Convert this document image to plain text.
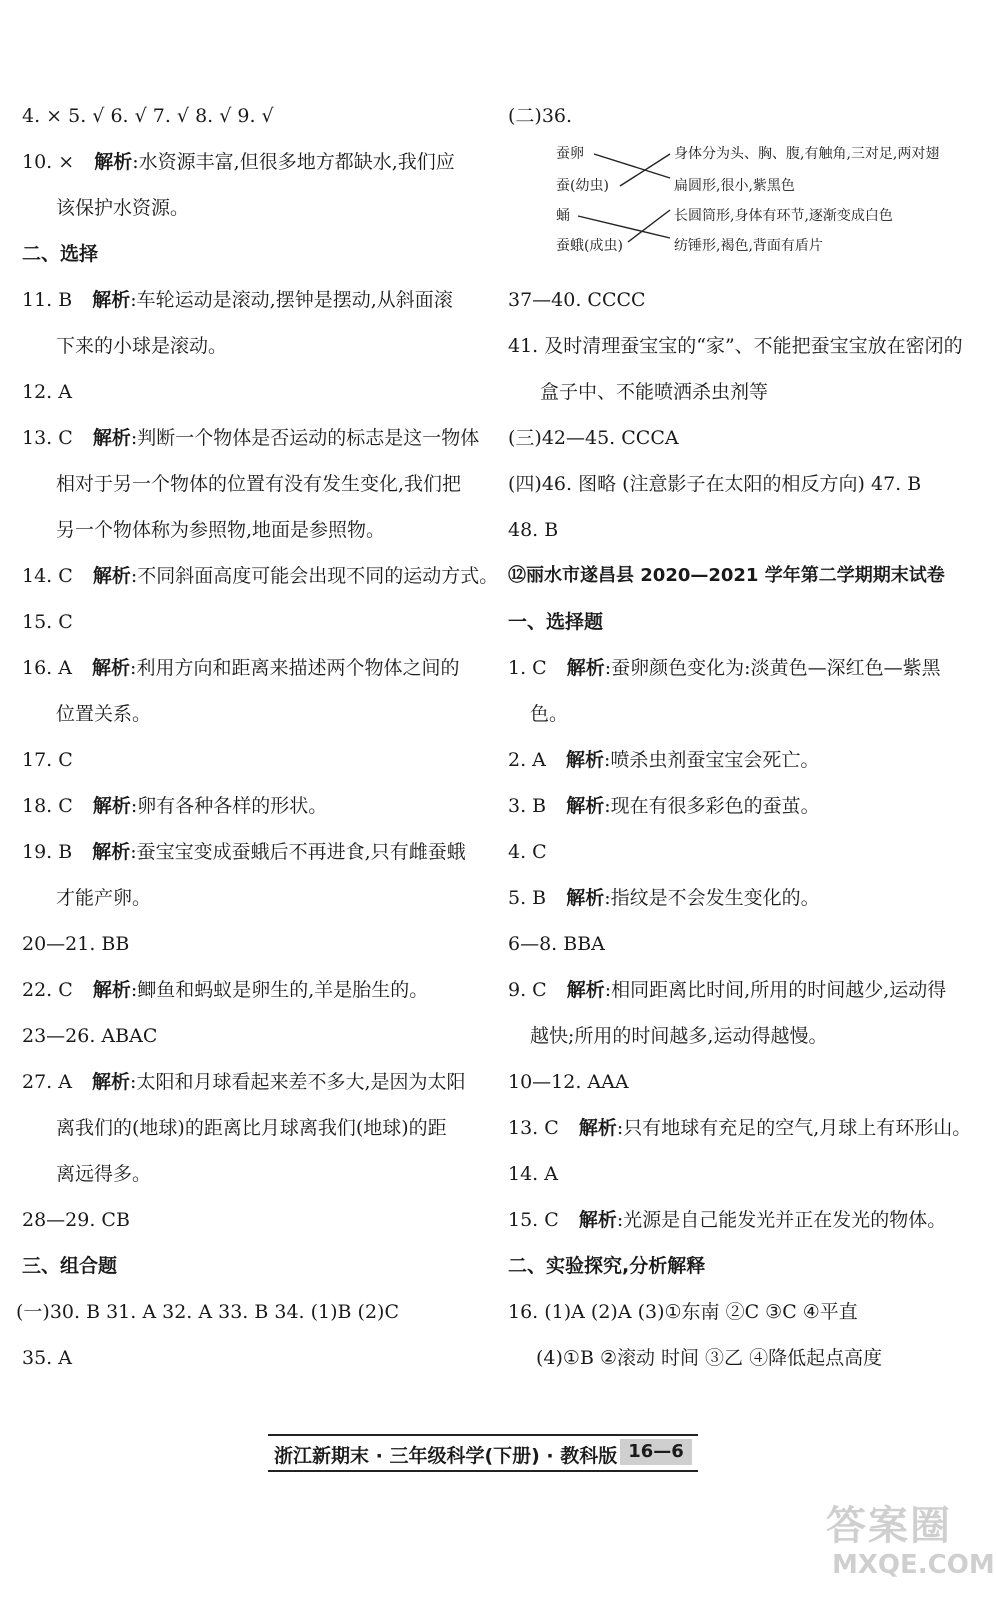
4. × 5. √ 6. √ 7. √ 8. √ 9. √
10. × 解析:水资源丰富,但很多地方都缺水,我们应
该保护水资源。
二、选择
11. B 解析:车轮运动是滚动,摆钟是摆动,从斜面滚
下来的小球是滚动。
12. A
13. C 解析:判断一个物体是否运动的标志是这一物体
相对于另一个物体的位置有没有发生变化,我们把
另一个物体称为参照物,地面是参照物。
14. C 解析:不同斜面高度可能会出现不同的运动方式。
15. C
16. A 解析:利用方向和距离来描述两个物体之间的
位置关系。
17. C
18. C 解析:卵有各种各样的形状。
19. B 解析:蚕宝宝变成蚕蛾后不再进食,只有雌蚕蛾
才能产卵。
20—21. BB
22. C 解析:鲫鱼和蚂蚁是卵生的,羊是胎生的。
23—26. ABAC
27. A 解析:太阳和月球看起来差不多大,是因为太阳
离我们的(地球)的距离比月球离我们(地球)的距
离远得多。
28—29. CB
三、组合题
(一)30. B 31. A 32. A 33. B 34. (1)B (2)C
35. A
(二)36.
蚕卵
蚕(幼虫)
蛹
蚕蛾(成虫)
身体分为头、胸、腹,有触角,三对足,两对翅
扁圆形,很小,紫黑色
长圆筒形,身体有环节,逐渐变成白色
纺锤形,褐色,背面有盾片
37—40. CCCC
41. 及时清理蚕宝宝的“家”、不能把蚕宝宝放在密闭的
盒子中、不能喷洒杀虫剂等
(三)42—45. CCCA
(四)46. 图略 (注意影子在太阳的相反方向) 47. B
48. B
⑫丽水市遂昌县 2020—2021 学年第二学期期末试卷
一、选择题
1. C 解析:蚕卵颜色变化为:淡黄色—深红色—紫黑
色。
2. A 解析:喷杀虫剂蚕宝宝会死亡。
3. B 解析:现在有很多彩色的蚕茧。
4. C
5. B 解析:指纹是不会发生变化的。
6—8. BBA
9. C 解析:相同距离比时间,所用的时间越少,运动得
越快;所用的时间越多,运动得越慢。
10—12. AAA
13. C 解析:只有地球有充足的空气,月球上有环形山。
14. A
15. C 解析:光源是自己能发光并正在发光的物体。
二、实验探究,分析解释
16. (1)A (2)A (3)①东南 ②C ③C ④平直
(4)①B ②滚动 时间 ③乙 ④降低起点高度
浙江新期末 · 三年级科学(下册) · 教科版 16—6
答案圈
MXQE.COM
